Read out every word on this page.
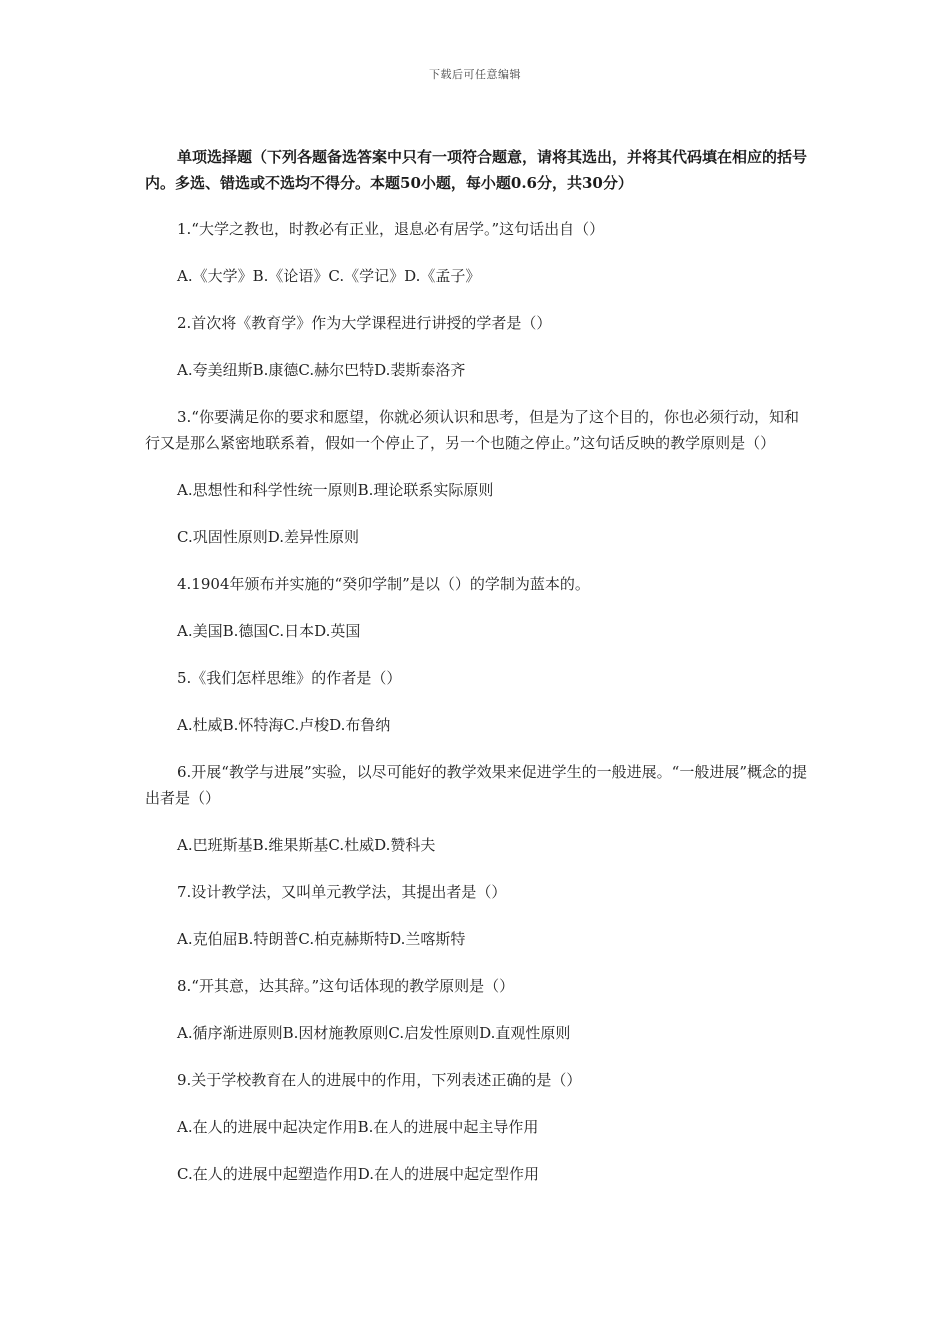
下载后可任意编辑

单项选择题（下列各题备选答案中只有一项符合题意，请将其选出，并将其代码填在相应的括号内。多选、错选或不选均不得分。本题50小题，每小题0.6分，共30分）

1.“大学之教也，时教必有正业，退息必有居学。”这句话出自（）

A.《大学》B.《论语》C.《学记》D.《孟子》

2.首次将《教育学》作为大学课程进行讲授的学者是（）

A.夸美纽斯B.康德C.赫尔巴特D.裴斯泰洛齐

3.“你要满足你的要求和愿望，你就必须认识和思考，但是为了这个目的，你也必须行动，知和行又是那么紧密地联系着，假如一个停止了，另一个也随之停止。”这句话反映的教学原则是（）

A.思想性和科学性统一原则B.理论联系实际原则

C.巩固性原则D.差异性原则

4.1904年颁布并实施的“癸卯学制”是以（）的学制为蓝本的。

A.美国B.德国C.日本D.英国

5.《我们怎样思维》的作者是（）

A.杜威B.怀特海C.卢梭D.布鲁纳

6.开展“教学与进展”实验，以尽可能好的教学效果来促进学生的一般进展。“一般进展”概念的提出者是（）

A.巴班斯基B.维果斯基C.杜威D.赞科夫

7.设计教学法，又叫单元教学法，其提出者是（）

A.克伯屈B.特朗普C.柏克赫斯特D.兰喀斯特

8.“开其意，达其辞。”这句话体现的教学原则是（）

A.循序渐进原则B.因材施教原则C.启发性原则D.直观性原则

9.关于学校教育在人的进展中的作用，下列表述正确的是（）

A.在人的进展中起决定作用B.在人的进展中起主导作用

C.在人的进展中起塑造作用D.在人的进展中起定型作用
